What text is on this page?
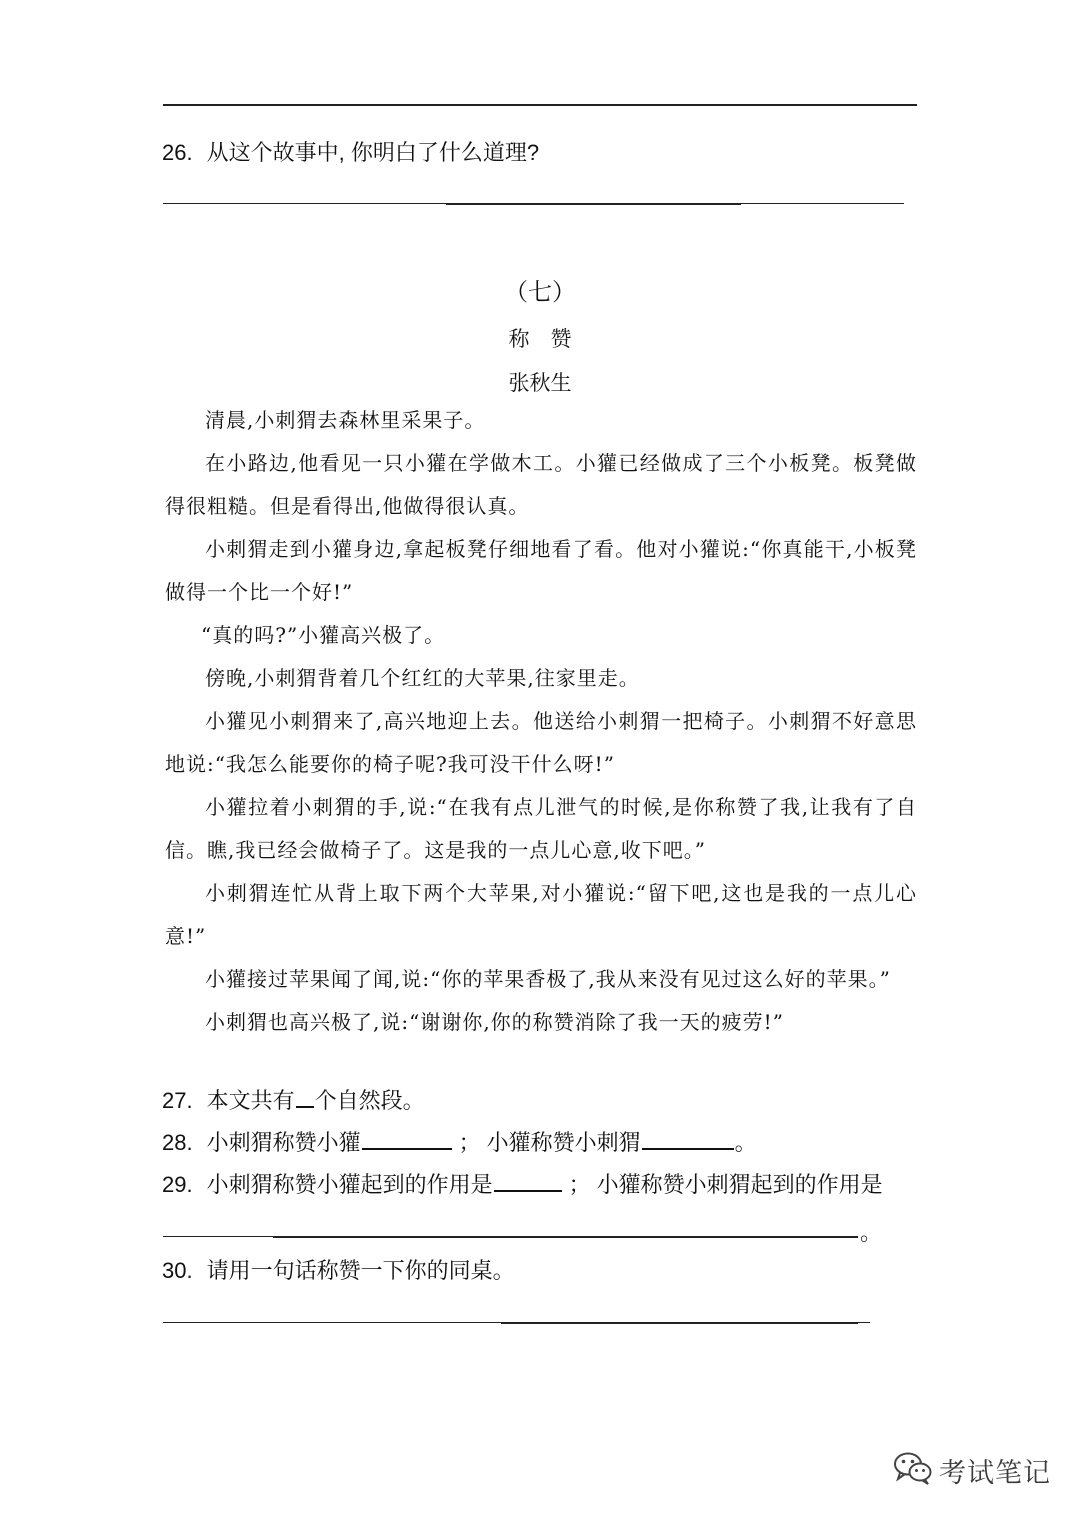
26. 从这个故事中, 你明白了什么道理?
（七）
称　赞
张秋生

清晨,小刺猬去森林里采果子。

在小路边,他看见一只小獾在学做木工。小獾已经做成了三个小板凳。板凳做得很粗糙。但是看得出,他做得很认真。

小刺猬走到小獾身边,拿起板凳仔细地看了看。他对小獾说:“你真能干,小板凳做得一个比一个好!”

“真的吗?”小獾高兴极了。

傍晚,小刺猬背着几个红红的大苹果,往家里走。

小獾见小刺猬来了,高兴地迎上去。他送给小刺猬一把椅子。小刺猬不好意思地说:“我怎么能要你的椅子呢?我可没干什么呀!”

小獾拉着小刺猬的手,说:“在我有点儿泄气的时候,是你称赞了我,让我有了自信。瞧,我已经会做椅子了。这是我的一点儿心意,收下吧。”

小刺猬连忙从背上取下两个大苹果,对小獾说:“留下吧,这也是我的一点儿心意!”

小獾接过苹果闻了闻,说:“你的苹果香极了,我从来没有见过这么好的苹果。”

小刺猬也高兴极了,说:“谢谢你,你的称赞消除了我一天的疲劳!”

27. 本文共有 个自然段。
28. 小刺猬称赞小獾	； 小獾称赞小刺猬	。
29. 小刺猬称赞小獾起到的作用是	； 小獾称赞小刺猬起到的作用是
。
30. 请用一句话称赞一下你的同桌。
考试笔记
